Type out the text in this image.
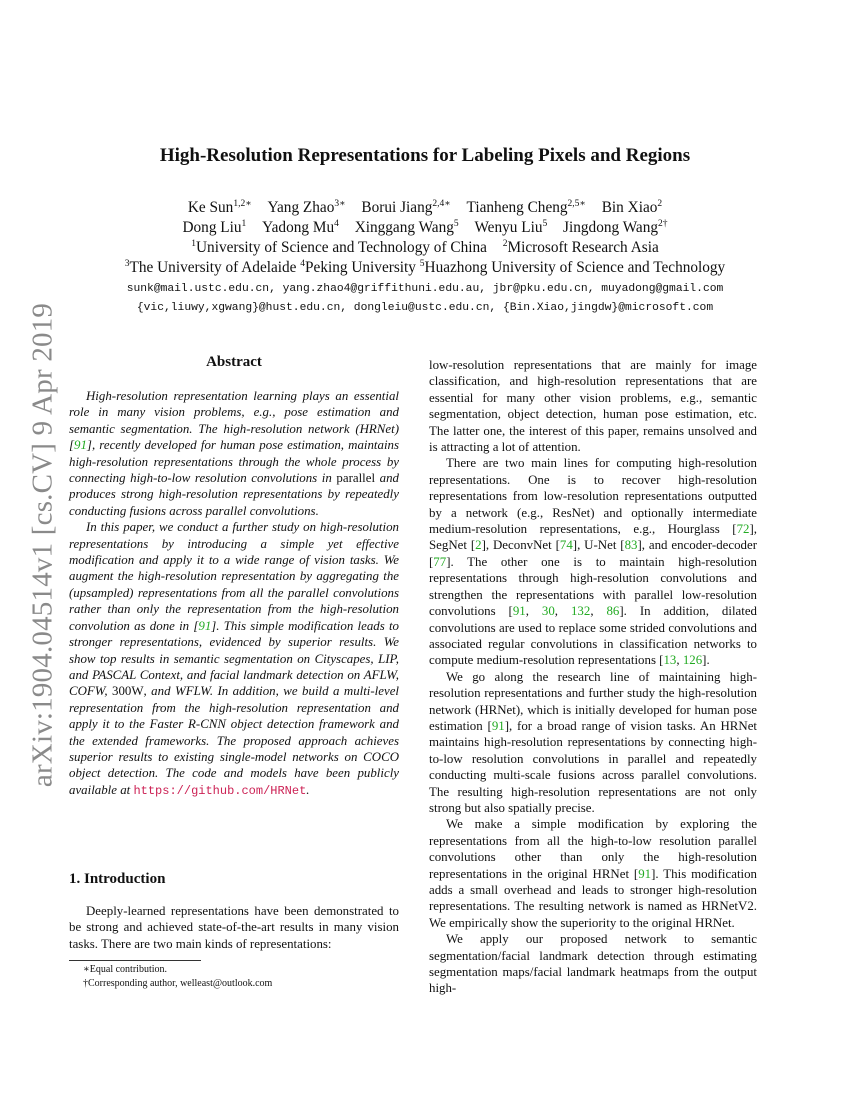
arXiv:1904.04514v1 [cs.CV] 9 Apr 2019
High-Resolution Representations for Labeling Pixels and Regions
Ke Sun$^{1,2∗}$ Yang Zhao$^{3∗}$ Borui Jiang$^{2,4∗}$ Tianheng Cheng$^{2,5∗}$ Bin Xiao$^2$
Dong Liu$^1$ Yadong Mu$^4$ Xinggang Wang$^5$ Wenyu Liu$^5$ Jingdong Wang$^{2\dagger}$
$^1$University of Science and Technology of China $^2$Microsoft Research Asia
$^3$The University of Adelaide $^4$Peking University $^5$Huazhong University of Science and Technology
sunk@mail.ustc.edu.cn, yang.zhao4@griffithuni.edu.au, jbr@pku.edu.cn, muyadong@gmail.com
{vic,liuwy,xgwang}@hust.edu.cn, dongleiu@ustc.edu.cn, {Bin.Xiao,jingdw}@microsoft.com
Abstract

High-resolution representation learning plays an essential role in many vision problems, e.g., pose estimation and semantic segmentation. The high-resolution network (HRNet) [91], recently developed for human pose estimation, maintains high-resolution representations through the whole process by connecting high-to-low resolution convolutions in parallel and produces strong high-resolution representations by repeatedly conducting fusions across parallel convolutions.

In this paper, we conduct a further study on high-resolution representations by introducing a simple yet effective modification and apply it to a wide range of vision tasks. We augment the high-resolution representation by aggregating the (upsampled) representations from all the parallel convolutions rather than only the representation from the high-resolution convolution as done in [91]. This simple modification leads to stronger representations, evidenced by superior results. We show top results in semantic segmentation on Cityscapes, LIP, and PASCAL Context, and facial landmark detection on AFLW, COFW, 300W, and WFLW. In addition, we build a multi-level representation from the high-resolution representation and apply it to the Faster R-CNN object detection framework and the extended frameworks. The proposed approach achieves superior results to existing single-model networks on COCO object detection. The code and models have been publicly available at https://github.com/HRNet.

1. Introduction

Deeply-learned representations have been demonstrated to be strong and achieved state-of-the-art results in many vision tasks. There are two main kinds of representations:

∗Equal contribution.
†Corresponding author, welleast@outlook.com

low-resolution representations that are mainly for image classification, and high-resolution representations that are essential for many other vision problems, e.g., semantic segmentation, object detection, human pose estimation, etc. The latter one, the interest of this paper, remains unsolved and is attracting a lot of attention.

There are two main lines for computing high-resolution representations. One is to recover high-resolution representations from low-resolution representations outputted by a network (e.g., ResNet) and optionally intermediate medium-resolution representations, e.g., Hourglass [72], SegNet [2], DeconvNet [74], U-Net [83], and encoder-decoder [77]. The other one is to maintain high-resolution representations through high-resolution convolutions and strengthen the representations with parallel low-resolution convolutions [91, 30, 132, 86]. In addition, dilated convolutions are used to replace some strided convolutions and associated regular convolutions in classification networks to compute medium-resolution representations [13, 126].

We go along the research line of maintaining high-resolution representations and further study the high-resolution network (HRNet), which is initially developed for human pose estimation [91], for a broad range of vision tasks. An HRNet maintains high-resolution representations by connecting high-to-low resolution convolutions in parallel and repeatedly conducting multi-scale fusions across parallel convolutions. The resulting high-resolution representations are not only strong but also spatially precise.

We make a simple modification by exploring the representations from all the high-to-low resolution parallel convolutions other than only the high-resolution representations in the original HRNet [91]. This modification adds a small overhead and leads to stronger high-resolution representations. The resulting network is named as HRNetV2. We empirically show the superiority to the original HRNet.

We apply our proposed network to semantic segmentation/facial landmark detection through estimating segmentation maps/facial landmark heatmaps from the output high-
